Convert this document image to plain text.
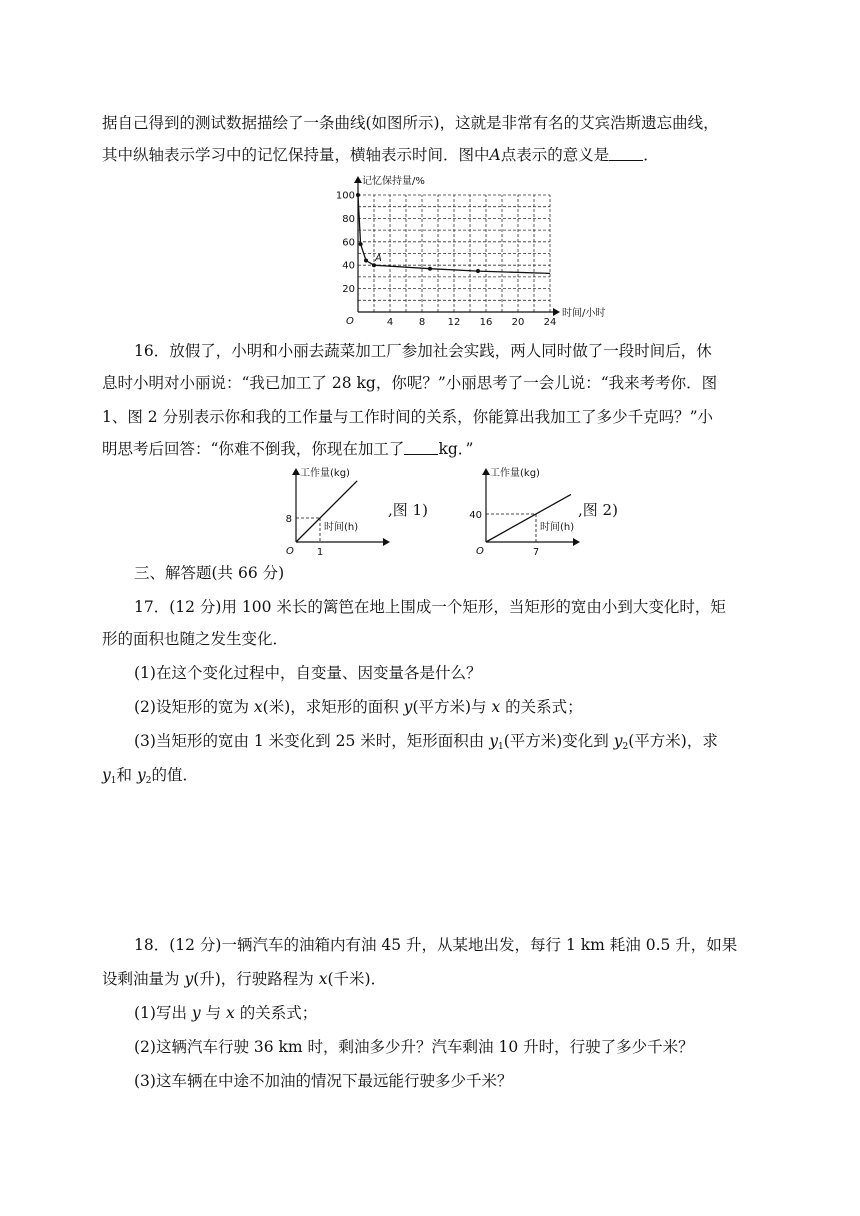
据自己得到的测试数据描绘了一条曲线(如图所示)，这就是非常有名的艾宾浩斯遗忘曲线，
其中纵轴表示学习中的记忆保持量，横轴表示时间．图中A点表示的意义是 ．
记忆保持量/%
时间/小时
O
20
40
60
80
100
4	8 12 16 20 24
A
16．放假了，小明和小丽去蔬菜加工厂参加社会实践，两人同时做了一段时间后，休
息时小明对小丽说：“我已加工了 28 kg，你呢？”小丽思考了一会儿说：“我来考考你．图
1、图 2 分别表示你和我的工作量与工作时间的关系，你能算出我加工了多少千克吗？”小
明思考后回答：“你难不倒我，你现在加工了 kg．”
工作量(kg)
时间(h)
O
8
1
,图 1)
工作量(kg)
时间(h)
O
40
7
,图 2)
三、解答题(共 66 分)
17．(12 分)用 100 米长的篱笆在地上围成一个矩形，当矩形的宽由小到大变化时，矩
形的面积也随之发生变化．
(1)在这个变化过程中，自变量、因变量各是什么？
(2)设矩形的宽为 x(米)，求矩形的面积 y(平方米)与 x 的关系式；
(3)当矩形的宽由 1 米变化到 25 米时，矩形面积由 $y_1$(平方米)变化到 $y_2$(平方米)，求
$y_1$和 $y_2$的值．
18．(12 分)一辆汽车的油箱内有油 45 升，从某地出发，每行 1 km 耗油 0.5 升，如果
设剩油量为 y(升)，行驶路程为 x(千米)．
(1)写出 y 与 x 的关系式；
(2)这辆汽车行驶 36 km 时，剩油多少升？汽车剩油 10 升时，行驶了多少千米？
(3)这车辆在中途不加油的情况下最远能行驶多少千米？
